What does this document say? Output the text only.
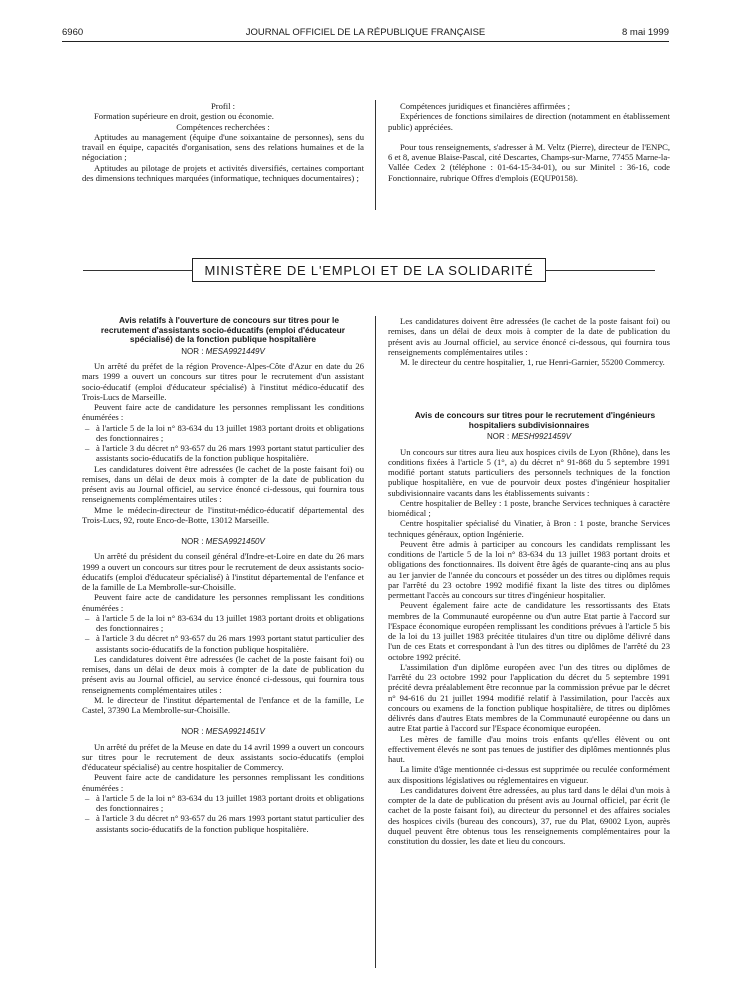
6960	JOURNAL OFFICIEL DE LA RÉPUBLIQUE FRANÇAISE	8 mai 1999

Profil :

Formation supérieure en droit, gestion ou économie.

Compétences recherchées :

Aptitudes au management (équipe d'une soixantaine de personnes), sens du travail en équipe, capacités d'organisation, sens des relations humaines et de la négociation ;

Aptitudes au pilotage de projets et activités diversifiés, certaines comportant des dimensions techniques marquées (informatique, techniques documentaires) ;

Compétences juridiques et financières affirmées ;

Expériences de fonctions similaires de direction (notamment en établissement public) appréciées.

Pour tous renseignements, s'adresser à M. Veltz (Pierre), directeur de l'ENPC, 6 et 8, avenue Blaise-Pascal, cité Descartes, Champs-sur-Marne, 77455 Marne-la-Vallée Cedex 2 (téléphone : 01-64-15-34-01), ou sur Minitel : 36-16, code Fonctionnaire, rubrique Offres d'emplois (EQUP0158).

MINISTÈRE DE L'EMPLOI ET DE LA SOLIDARITÉ

Avis relatifs à l'ouverture de concours sur titres pour le recrutement d'assistants socio-éducatifs (emploi d'éducateur spécialisé) de la fonction publique hospitalière

NOR : MESA9921449V

Un arrêté du préfet de la région Provence-Alpes-Côte d'Azur en date du 26 mars 1999 a ouvert un concours sur titres pour le recrutement d'un assistant socio-éducatif (emploi d'éducateur spécialisé) à l'institut médico-éducatif des Trois-Lucs de Marseille.

Peuvent faire acte de candidature les personnes remplissant les conditions énumérées :

– à l'article 5 de la loi n° 83-634 du 13 juillet 1983 portant droits et obligations des fonctionnaires ;

– à l'article 3 du décret n° 93-657 du 26 mars 1993 portant statut particulier des assistants socio-éducatifs de la fonction publique hospitalière.

Les candidatures doivent être adressées (le cachet de la poste faisant foi) ou remises, dans un délai de deux mois à compter de la date de publication du présent avis au Journal officiel, au service énoncé ci-dessous, qui fournira tous renseignements complémentaires utiles :

Mme le médecin-directeur de l'institut-médico-éducatif départemental des Trois-Lucs, 92, route Enco-de-Botte, 13012 Marseille.

NOR : MESA9921450V

Un arrêté du président du conseil général d'Indre-et-Loire en date du 26 mars 1999 a ouvert un concours sur titres pour le recrutement de deux assistants socio-éducatifs (emploi d'éducateur spécialisé) à l'institut départemental de l'enfance et de la famille de La Membrolle-sur-Choisille.

Peuvent faire acte de candidature les personnes remplissant les conditions énumérées :

– à l'article 5 de la loi n° 83-634 du 13 juillet 1983 portant droits et obligations des fonctionnaires ;

– à l'article 3 du décret n° 93-657 du 26 mars 1993 portant statut particulier des assistants socio-éducatifs de la fonction publique hospitalière.

Les candidatures doivent être adressées (le cachet de la poste faisant foi) ou remises, dans un délai de deux mois à compter de la date de publication du présent avis au Journal officiel, au service énoncé ci-dessous, qui fournira tous renseignements complémentaires utiles :

M. le directeur de l'institut départemental de l'enfance et de la famille, Le Castel, 37390 La Membrolle-sur-Choisille.

NOR : MESA9921451V

Un arrêté du préfet de la Meuse en date du 14 avril 1999 a ouvert un concours sur titres pour le recrutement de deux assistants socio-éducatifs (emploi d'éducateur spécialisé) au centre hospitalier de Commercy.

Peuvent faire acte de candidature les personnes remplissant les conditions énumérées :

– à l'article 5 de la loi n° 83-634 du 13 juillet 1983 portant droits et obligations des fonctionnaires ;

– à l'article 3 du décret n° 93-657 du 26 mars 1993 portant statut particulier des assistants socio-éducatifs de la fonction publique hospitalière.

Les candidatures doivent être adressées (le cachet de la poste faisant foi) ou remises, dans un délai de deux mois à compter de la date de publication du présent avis au Journal officiel, au service énoncé ci-dessous, qui fournira tous renseignements complémentaires utiles :

M. le directeur du centre hospitalier, 1, rue Henri-Garnier, 55200 Commercy.

Avis de concours sur titres pour le recrutement d'ingénieurs hospitaliers subdivisionnaires

NOR : MESH9921459V

Un concours sur titres aura lieu aux hospices civils de Lyon (Rhône), dans les conditions fixées à l'article 5 (1°, a) du décret n° 91-868 du 5 septembre 1991 modifié portant statuts particuliers des personnels techniques de la fonction publique hospitalière, en vue de pourvoir deux postes d'ingénieur hospitalier subdivisionnaire vacants dans les établissements suivants :

Centre hospitalier de Belley : 1 poste, branche Services techniques à caractère biomédical ;

Centre hospitalier spécialisé du Vinatier, à Bron : 1 poste, branche Services techniques généraux, option Ingénierie.

Peuvent être admis à participer au concours les candidats remplissant les conditions de l'article 5 de la loi n° 83-634 du 13 juillet 1983 portant droits et obligations des fonctionnaires. Ils doivent être âgés de quarante-cinq ans au plus au 1er janvier de l'année du concours et posséder un des titres ou diplômes requis par l'arrêté du 23 octobre 1992 modifié fixant la liste des titres ou diplômes permettant l'accès au concours sur titres d'ingénieur hospitalier.

Peuvent également faire acte de candidature les ressortissants des Etats membres de la Communauté européenne ou d'un autre Etat partie à l'accord sur l'Espace économique européen remplissant les conditions prévues à l'article 5 bis de la loi du 13 juillet 1983 précitée titulaires d'un titre ou diplôme délivré dans l'un de ces Etats et correspondant à l'un des titres ou diplômes de l'arrêté du 23 octobre 1992 précité.

L'assimilation d'un diplôme européen avec l'un des titres ou diplômes de l'arrêté du 23 octobre 1992 pour l'application du décret du 5 septembre 1991 précité devra préalablement être reconnue par la commission prévue par le décret n° 94-616 du 21 juillet 1994 modifié relatif à l'assimilation, pour l'accès aux concours ou examens de la fonction publique hospitalière, de titres ou diplômes délivrés dans d'autres Etats membres de la Communauté européenne ou dans un autre Etat partie à l'accord sur l'Espace économique européen.

Les mères de famille d'au moins trois enfants qu'elles élèvent ou ont effectivement élevés ne sont pas tenues de justifier des diplômes mentionnés plus haut.

La limite d'âge mentionnée ci-dessus est supprimée ou reculée conformément aux dispositions législatives ou réglementaires en vigueur.

Les candidatures doivent être adressées, au plus tard dans le délai d'un mois à compter de la date de publication du présent avis au Journal officiel, par écrit (le cachet de la poste faisant foi), au directeur du personnel et des affaires sociales des hospices civils (bureau des concours), 37, rue du Plat, 69002 Lyon, auprès duquel peuvent être obtenus tous les renseignements complémentaires pour la constitution du dossier, les date et lieu du concours.
